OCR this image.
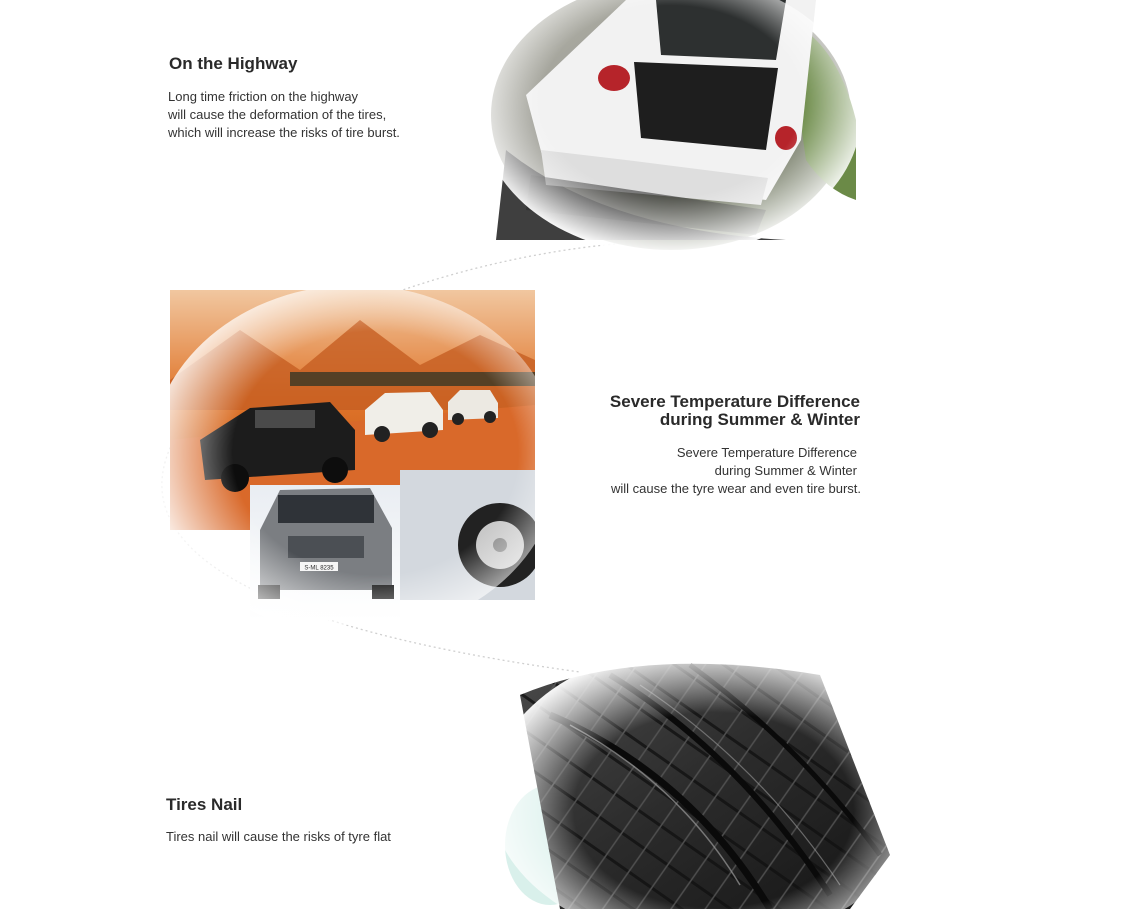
On the Highway

Long time friction on the highway
will cause the deformation of the tires,
which will increase the risks of tire burst.

Severe Temperature Difference
during Summer & Winter

Severe Temperature Difference
during Summer & Winter
will cause the tyre wear and even tire burst.

Tires Nail

Tires nail will cause the risks of tyre flat
